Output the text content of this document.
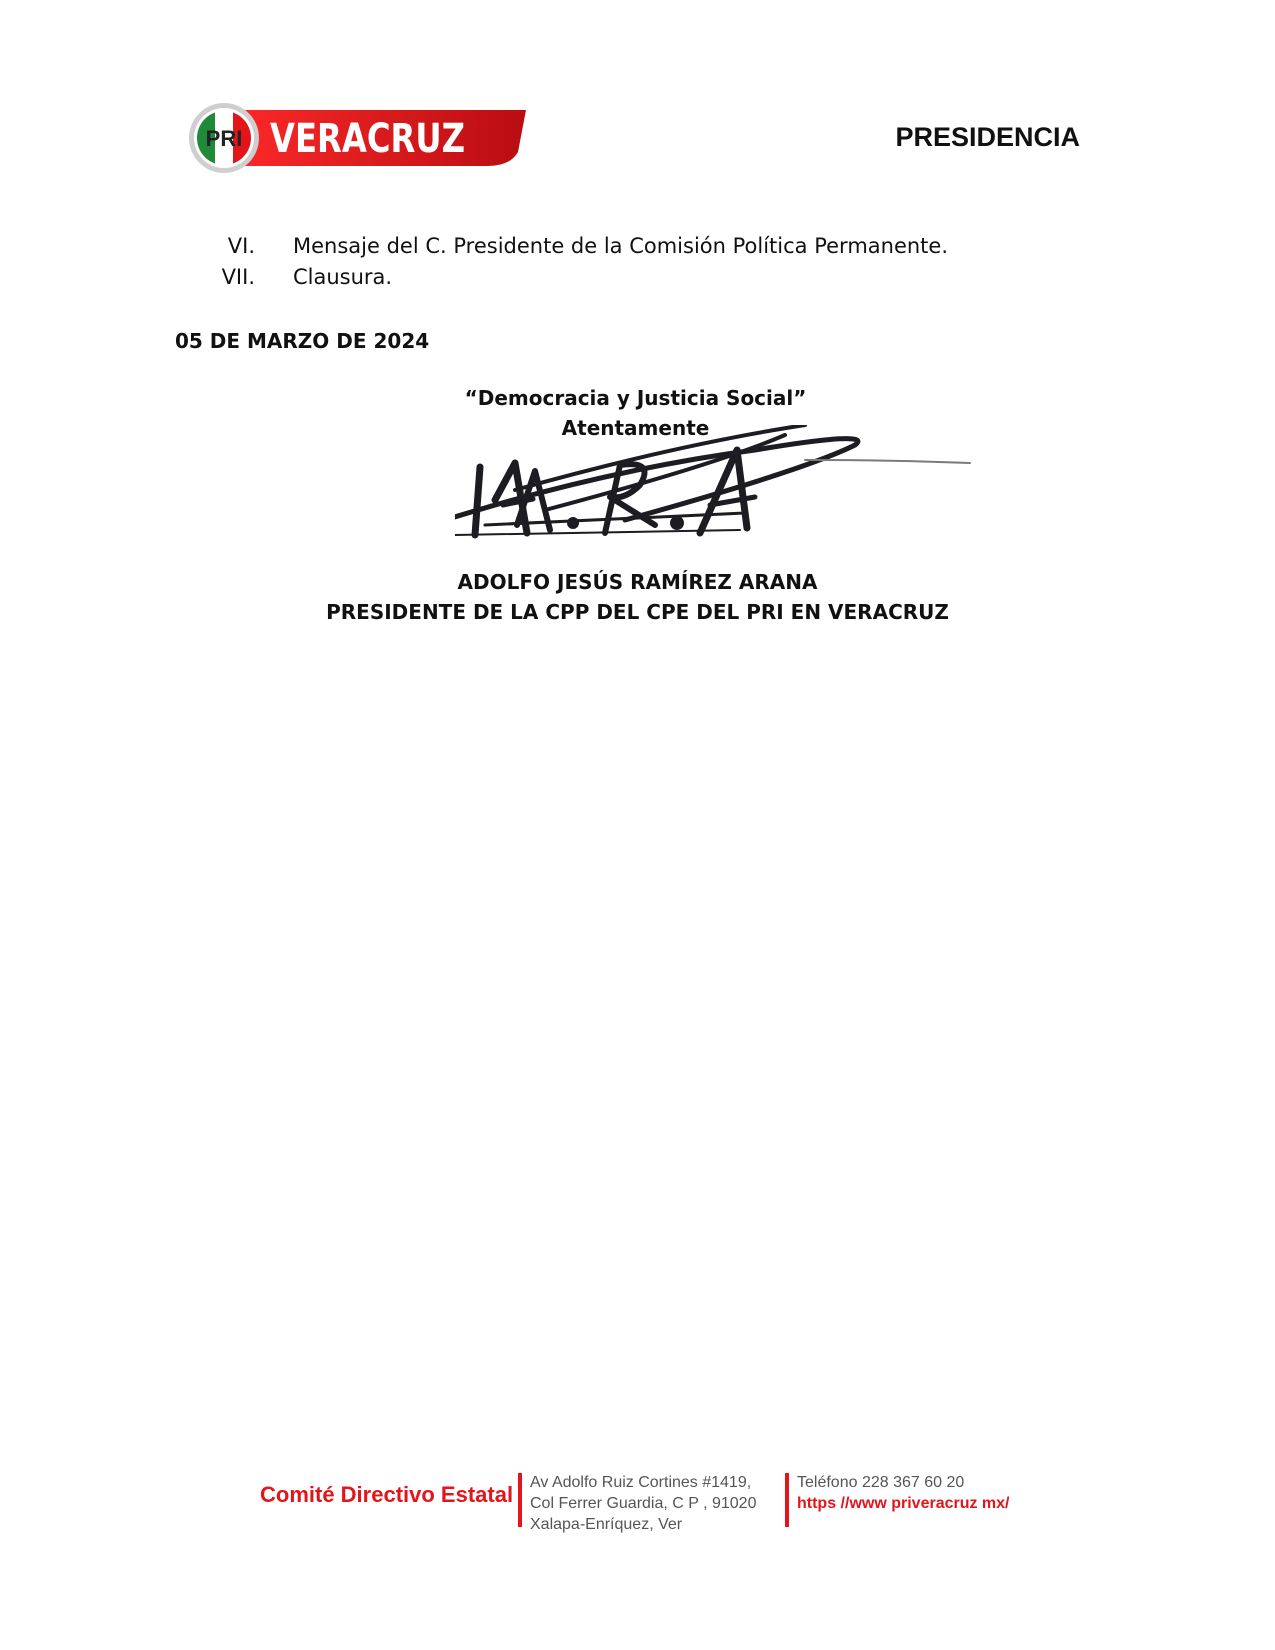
PRI VERACRUZ	PRESIDENCIA
VI.	Mensaje del C. Presidente de la Comisión Política Permanente.
VII.	Clausura.
05 DE MARZO DE 2024
“Democracia y Justicia Social”
Atentamente
ADOLFO JESÚS RAMÍREZ ARANA
PRESIDENTE DE LA CPP DEL CPE DEL PRI EN VERACRUZ
Comité Directivo Estatal Av Adolfo Ruiz Cortines #1419,
Col Ferrer Guardia, C P , 91020
Xalapa-Enríquez, Ver
Teléfono 228 367 60 20
https //www priveracruz mx/
